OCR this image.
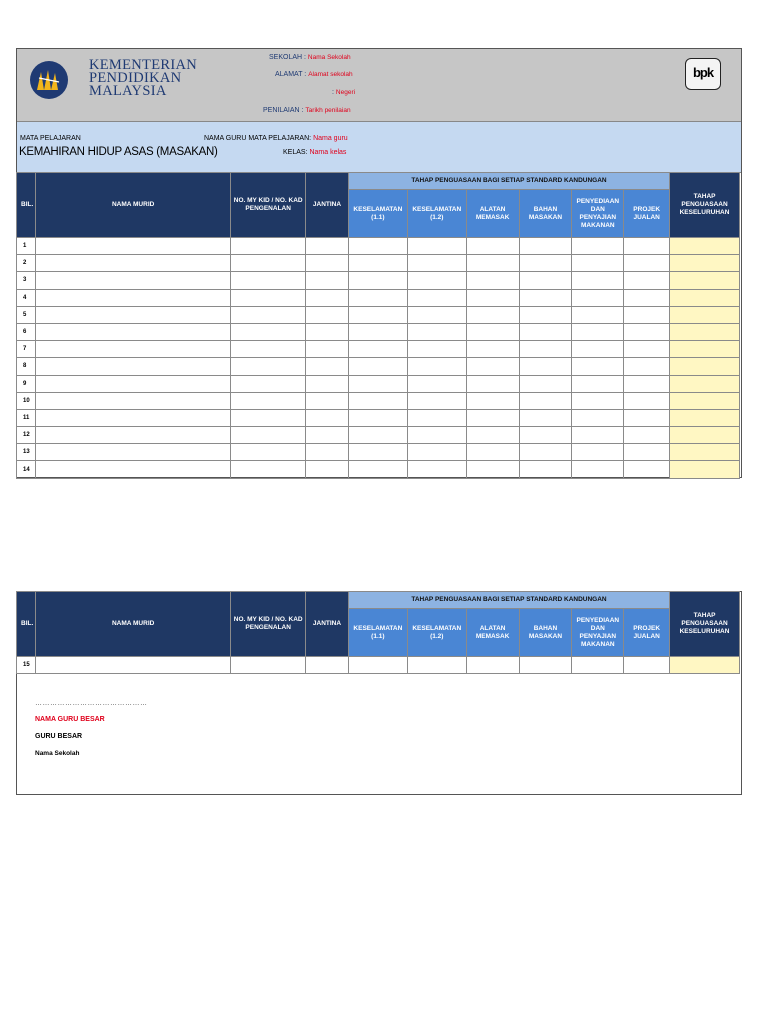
KEMENTERIAN
PENDIDIKAN
MALAYSIA
SEKOLAH : Nama Sekolah
ALAMAT : Alamat sekolah
: Negeri
PENILAIAN : Tarikh penilaian
bpk
MATA PELAJARAN
KEMAHIRAN HIDUP ASAS (MASAKAN)
NAMA GURU MATA PELAJARAN: Nama guru
KELAS: Nama kelas
BIL.	NAMA MURID	NO. MY KID / NO. KAD PENGENALAN	JANTINA	TAHAP PENGUASAAN BAGI SETIAP STANDARD KANDUNGAN						TAHAP PENGUASAAN KESELURUHAN
				KESELAMATAN (1.1)	KESELAMATAN (1.2)	ALATAN MEMASAK	BAHAN MASAKAN	PENYEDIAAN DAN PENYAJIAN MAKANAN	PROJEK JUALAN	
1										
2										
3										
4										
5										
6										
7										
8										
9										
10										
11										
12										
13										
14										
BIL.	NAMA MURID	NO. MY KID / NO. KAD PENGENALAN	JANTINA	TAHAP PENGUASAAN BAGI SETIAP STANDARD KANDUNGAN						TAHAP PENGUASAAN KESELURUHAN
				KESELAMATAN (1.1)	KESELAMATAN (1.2)	ALATAN MEMASAK	BAHAN MASAKAN	PENYEDIAAN DAN PENYAJIAN MAKANAN	PROJEK JUALAN	
15										
………………………………………
NAMA GURU BESAR
GURU BESAR
Nama Sekolah
